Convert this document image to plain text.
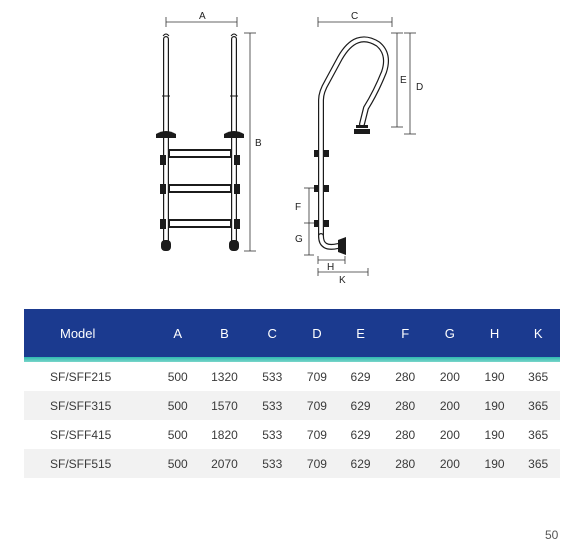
A
B
C
E
D
F
G
H
K
Model	A	B	C	D	E	F	G	H	K

SF/SFF215	500	1320	533	709	629	280	200	190	365
SF/SFF315	500	1570	533	709	629	280	200	190	365
SF/SFF415	500	1820	533	709	629	280	200	190	365
SF/SFF515	500	2070	533	709	629	280	200	190	365
50
